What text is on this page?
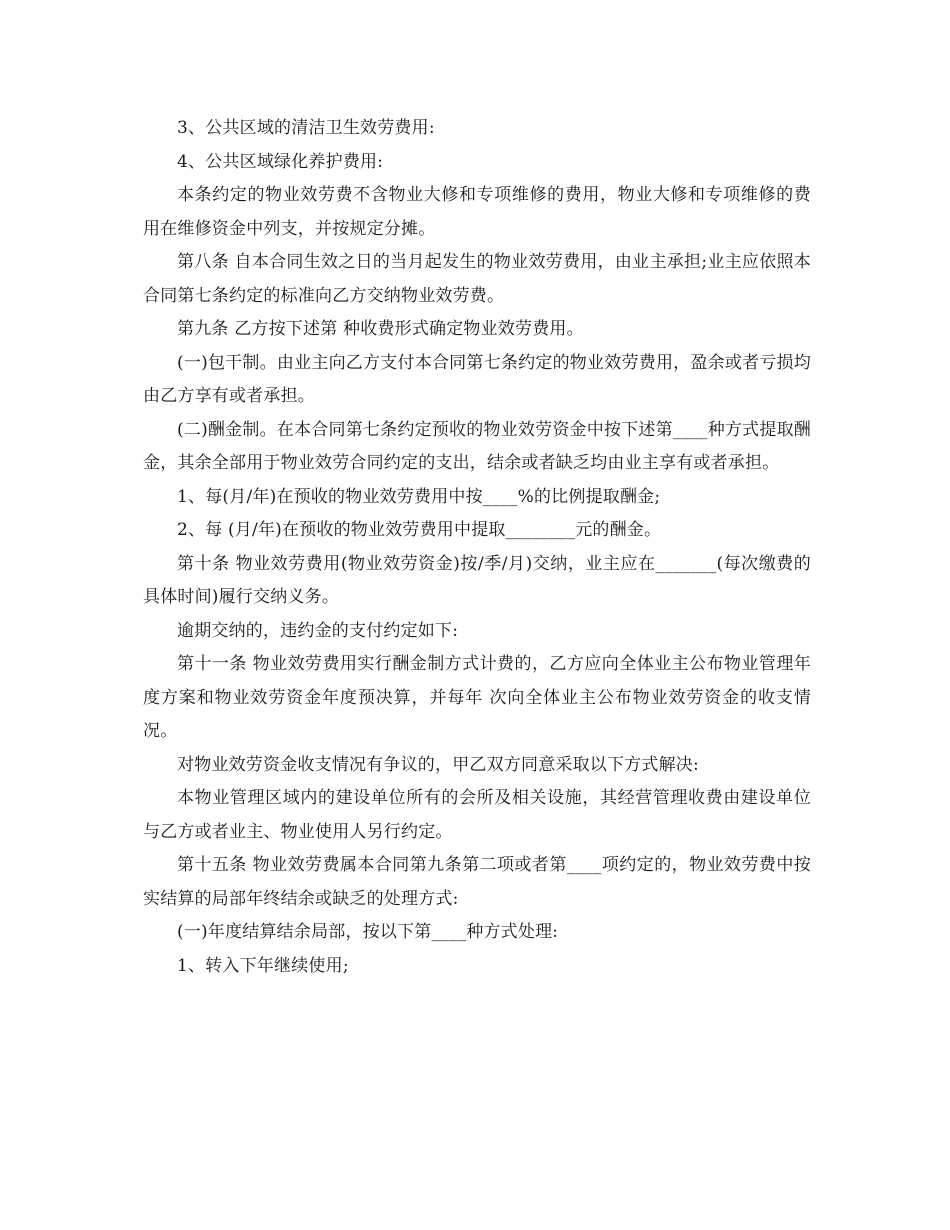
3、公共区域的清洁卫生效劳费用:

4、公共区域绿化养护费用:

本条约定的物业效劳费不含物业大修和专项维修的费用，物业大修和专项维修的费用在维修资金中列支，并按规定分摊。

第八条 自本合同生效之日的当月起发生的物业效劳费用，由业主承担;业主应依照本合同第七条约定的标准向乙方交纳物业效劳费。

第九条 乙方按下述第 种收费形式确定物业效劳费用。

(一)包干制。由业主向乙方支付本合同第七条约定的物业效劳费用，盈余或者亏损均由乙方享有或者承担。

(二)酬金制。在本合同第七条约定预收的物业效劳资金中按下述第____种方式提取酬金，其余全部用于物业效劳合同约定的支出，结余或者缺乏均由业主享有或者承担。

1、每(月/年)在预收的物业效劳费用中按____%的比例提取酬金;

2、每 (月/年)在预收的物业效劳费用中提取________元的酬金。

第十条 物业效劳费用(物业效劳资金)按/季/月)交纳，业主应在_______(每次缴费的具体时间)履行交纳义务。

逾期交纳的，违约金的支付约定如下:

第十一条 物业效劳费用实行酬金制方式计费的，乙方应向全体业主公布物业管理年度方案和物业效劳资金年度预决算，并每年 次向全体业主公布物业效劳资金的收支情况。

对物业效劳资金收支情况有争议的，甲乙双方同意采取以下方式解决:

本物业管理区域内的建设单位所有的会所及相关设施，其经营管理收费由建设单位与乙方或者业主、物业使用人另行约定。

第十五条 物业效劳费属本合同第九条第二项或者第____项约定的，物业效劳费中按实结算的局部年终结余或缺乏的处理方式:

(一)年度结算结余局部，按以下第____种方式处理:

1、转入下年继续使用;
